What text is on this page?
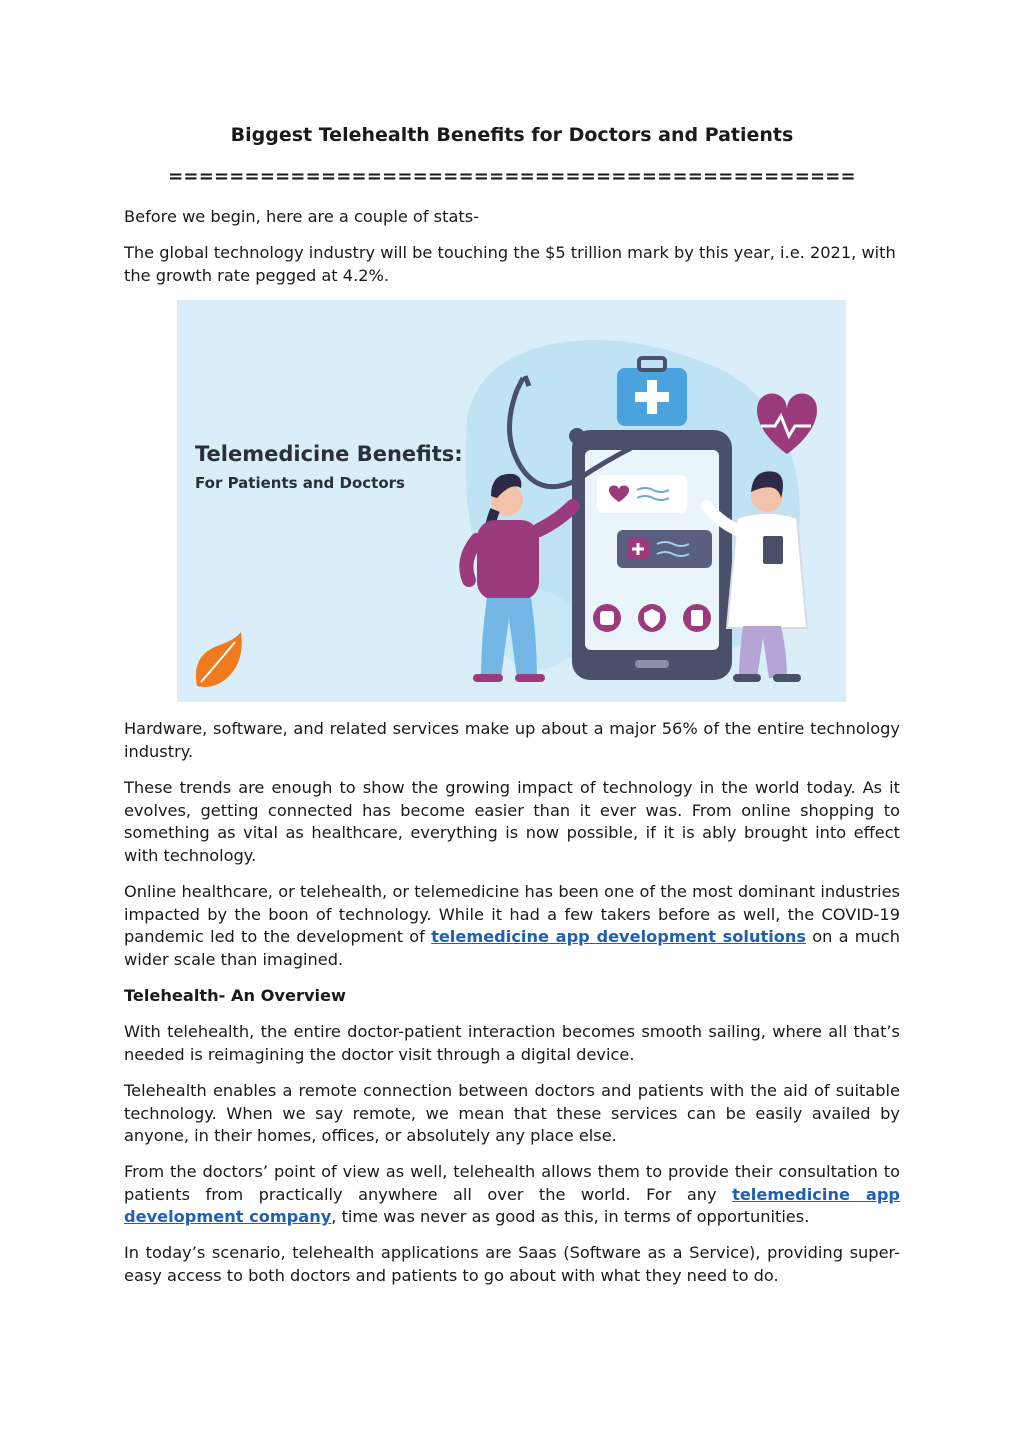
Biggest Telehealth Benefits for Doctors and Patients
=============================================

Before we begin, here are a couple of stats-

The global technology industry will be touching the $5 trillion mark by this year, i.e. 2021, with the growth rate pegged at 4.2%.

Telemedicine Benefits:
For Patients and Doctors

Hardware, software, and related services make up about a major 56% of the entire technology industry.

These trends are enough to show the growing impact of technology in the world today. As it evolves, getting connected has become easier than it ever was. From online shopping to something as vital as healthcare, everything is now possible, if it is ably brought into effect with technology.

Online healthcare, or telehealth, or telemedicine has been one of the most dominant industries impacted by the boon of technology. While it had a few takers before as well, the COVID-19 pandemic led to the development of telemedicine app development solutions on a much wider scale than imagined.

Telehealth- An Overview

With telehealth, the entire doctor-patient interaction becomes smooth sailing, where all that’s needed is reimagining the doctor visit through a digital device.

Telehealth enables a remote connection between doctors and patients with the aid of suitable technology. When we say remote, we mean that these services can be easily availed by anyone, in their homes, offices, or absolutely any place else.

From the doctors’ point of view as well, telehealth allows them to provide their consultation to patients from practically anywhere all over the world. For any telemedicine app development company, time was never as good as this, in terms of opportunities.

In today’s scenario, telehealth applications are Saas (Software as a Service), providing super-easy access to both doctors and patients to go about with what they need to do.
